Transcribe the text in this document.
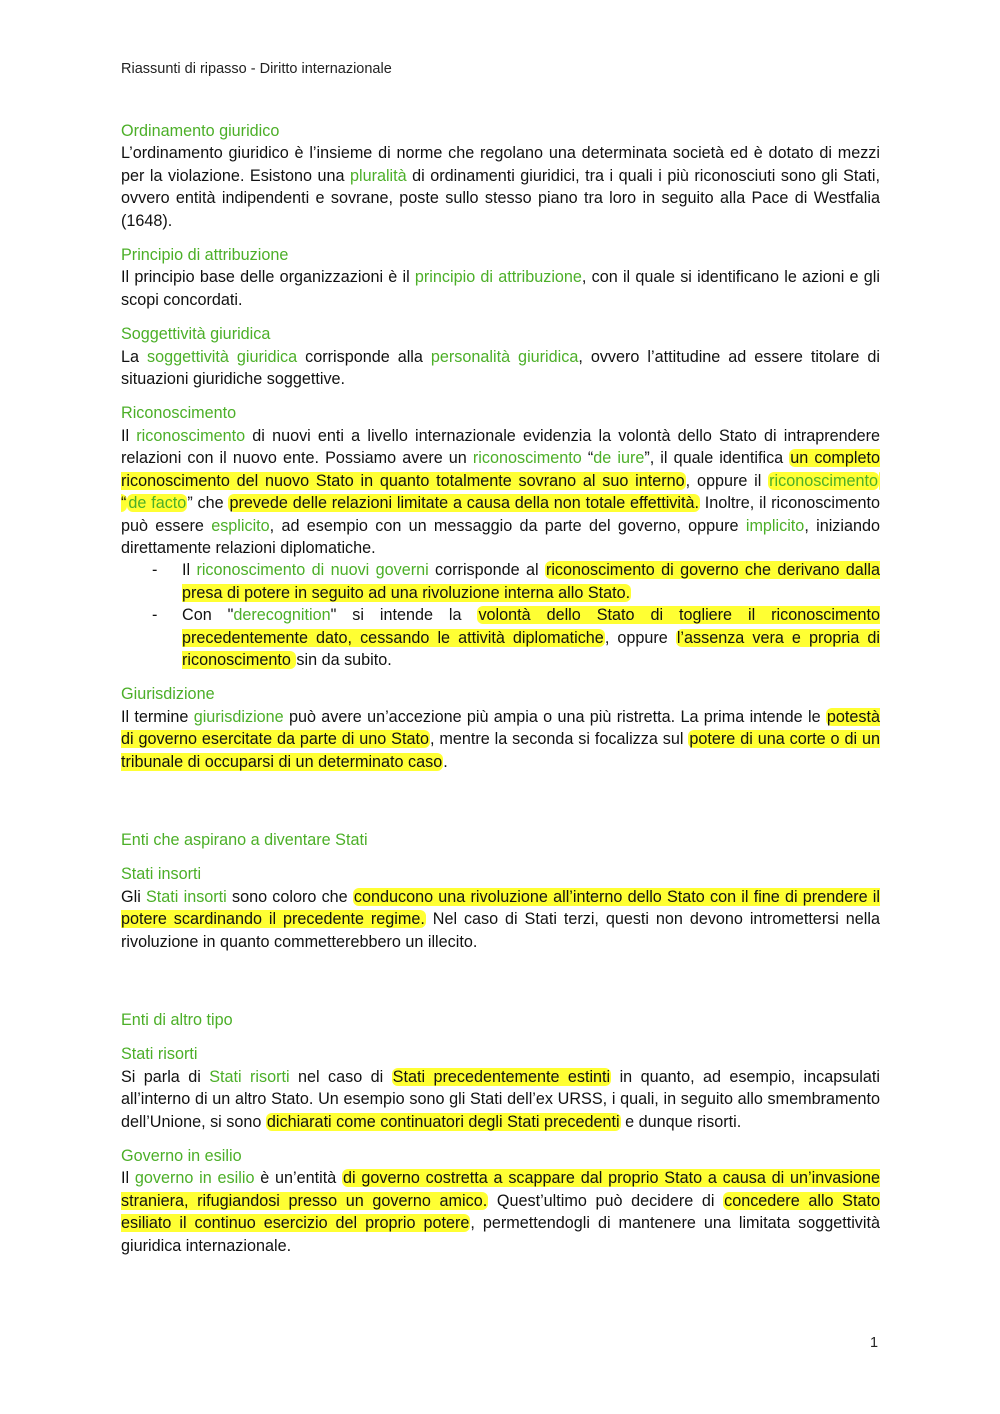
Riassunti di ripasso - Diritto internazionale
Ordinamento giuridico

L’ordinamento giuridico è l’insieme di norme che regolano una determinata società ed è dotato di mezzi per la violazione. Esistono una pluralità di ordinamenti giuridici, tra i quali i più riconosciuti sono gli Stati, ovvero entità indipendenti e sovrane, poste sullo stesso piano tra loro in seguito alla Pace di Westfalia (1648).

Principio di attribuzione

Il principio base delle organizzazioni è il principio di attribuzione, con il quale si identificano le azioni e gli scopi concordati.

Soggettività giuridica

La soggettività giuridica corrisponde alla personalità giuridica, ovvero l’attitudine ad essere titolare di situazioni giuridiche soggettive.

Riconoscimento

Il riconoscimento di nuovi enti a livello internazionale evidenzia la volontà dello Stato di intraprendere relazioni con il nuovo ente. Possiamo avere un riconoscimento “de iure”, il quale identifica un completo riconoscimento del nuovo Stato in quanto totalmente sovrano al suo interno, oppure il riconoscimento “ de facto” che prevede delle relazioni limitate a causa della non totale effettività. Inoltre, il riconoscimento può essere esplicito, ad esempio con un messaggio da parte del governo, oppure implicito, iniziando direttamente relazioni diplomatiche.

- Il riconoscimento di nuovi governi corrisponde al riconoscimento di governo che derivano dalla presa di potere in seguito ad una rivoluzione interna allo Stato.
- Con "derecognition" si intende la volontà dello Stato di togliere il riconoscimento precedentemente dato, cessando le attività diplomatiche, oppure l’assenza vera e propria di riconoscimento sin da subito.
Giurisdizione

Il termine giurisdizione può avere un’accezione più ampia o una più ristretta. La prima intende le potestà di governo esercitate da parte di uno Stato, mentre la seconda si focalizza sul potere di una corte o di un tribunale di occuparsi di un determinato caso.

Enti che aspirano a diventare Stati
Stati insorti

Gli Stati insorti sono coloro che conducono una rivoluzione all’interno dello Stato con il fine di prendere il potere scardinando il precedente regime. Nel caso di Stati terzi, questi non devono intromettersi nella rivoluzione in quanto commetterebbero un illecito.

Enti di altro tipo
Stati risorti

Si parla di Stati risorti nel caso di Stati precedentemente estinti in quanto, ad esempio, incapsulati all’interno di un altro Stato. Un esempio sono gli Stati dell’ex URSS, i quali, in seguito allo smembramento dell’Unione, si sono dichiarati come continuatori degli Stati precedenti e dunque risorti.

Governo in esilio

Il governo in esilio è un’entità di governo costretta a scappare dal proprio Stato a causa di un’invasione straniera, rifugiandosi presso un governo amico. Quest’ultimo può decidere di concedere allo Stato esiliato il continuo esercizio del proprio potere, permettendogli di mantenere una limitata soggettività giuridica internazionale.

1
